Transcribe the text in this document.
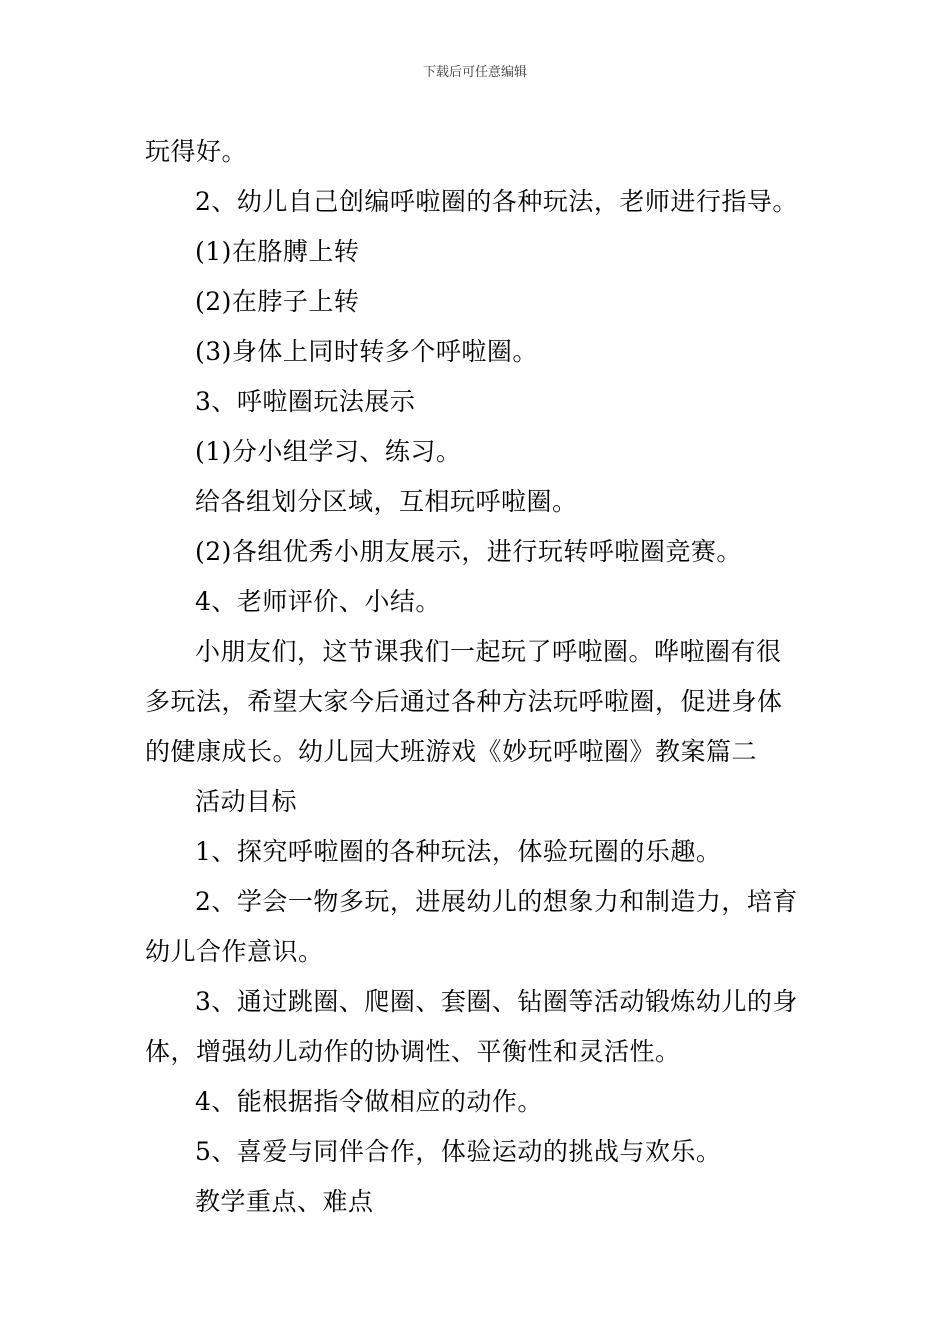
下载后可任意编辑

玩得好。

2、幼儿自己创编呼啦圈的各种玩法，老师进行指导。

(1)在胳膊上转

(2)在脖子上转

(3)身体上同时转多个呼啦圈。

3、呼啦圈玩法展示

(1)分小组学习、练习。

给各组划分区域，互相玩呼啦圈。

(2)各组优秀小朋友展示，进行玩转呼啦圈竞赛。

4、老师评价、小结。

小朋友们，这节课我们一起玩了呼啦圈。哗啦圈有很

多玩法，希望大家今后通过各种方法玩呼啦圈，促进身体

的健康成长。幼儿园大班游戏《妙玩呼啦圈》教案篇二

活动目标

1、探究呼啦圈的各种玩法，体验玩圈的乐趣。

2、学会一物多玩，进展幼儿的想象力和制造力，培育

幼儿合作意识。

3、通过跳圈、爬圈、套圈、钻圈等活动锻炼幼儿的身

体，增强幼儿动作的协调性、平衡性和灵活性。

4、能根据指令做相应的动作。

5、喜爱与同伴合作，体验运动的挑战与欢乐。

教学重点、难点
